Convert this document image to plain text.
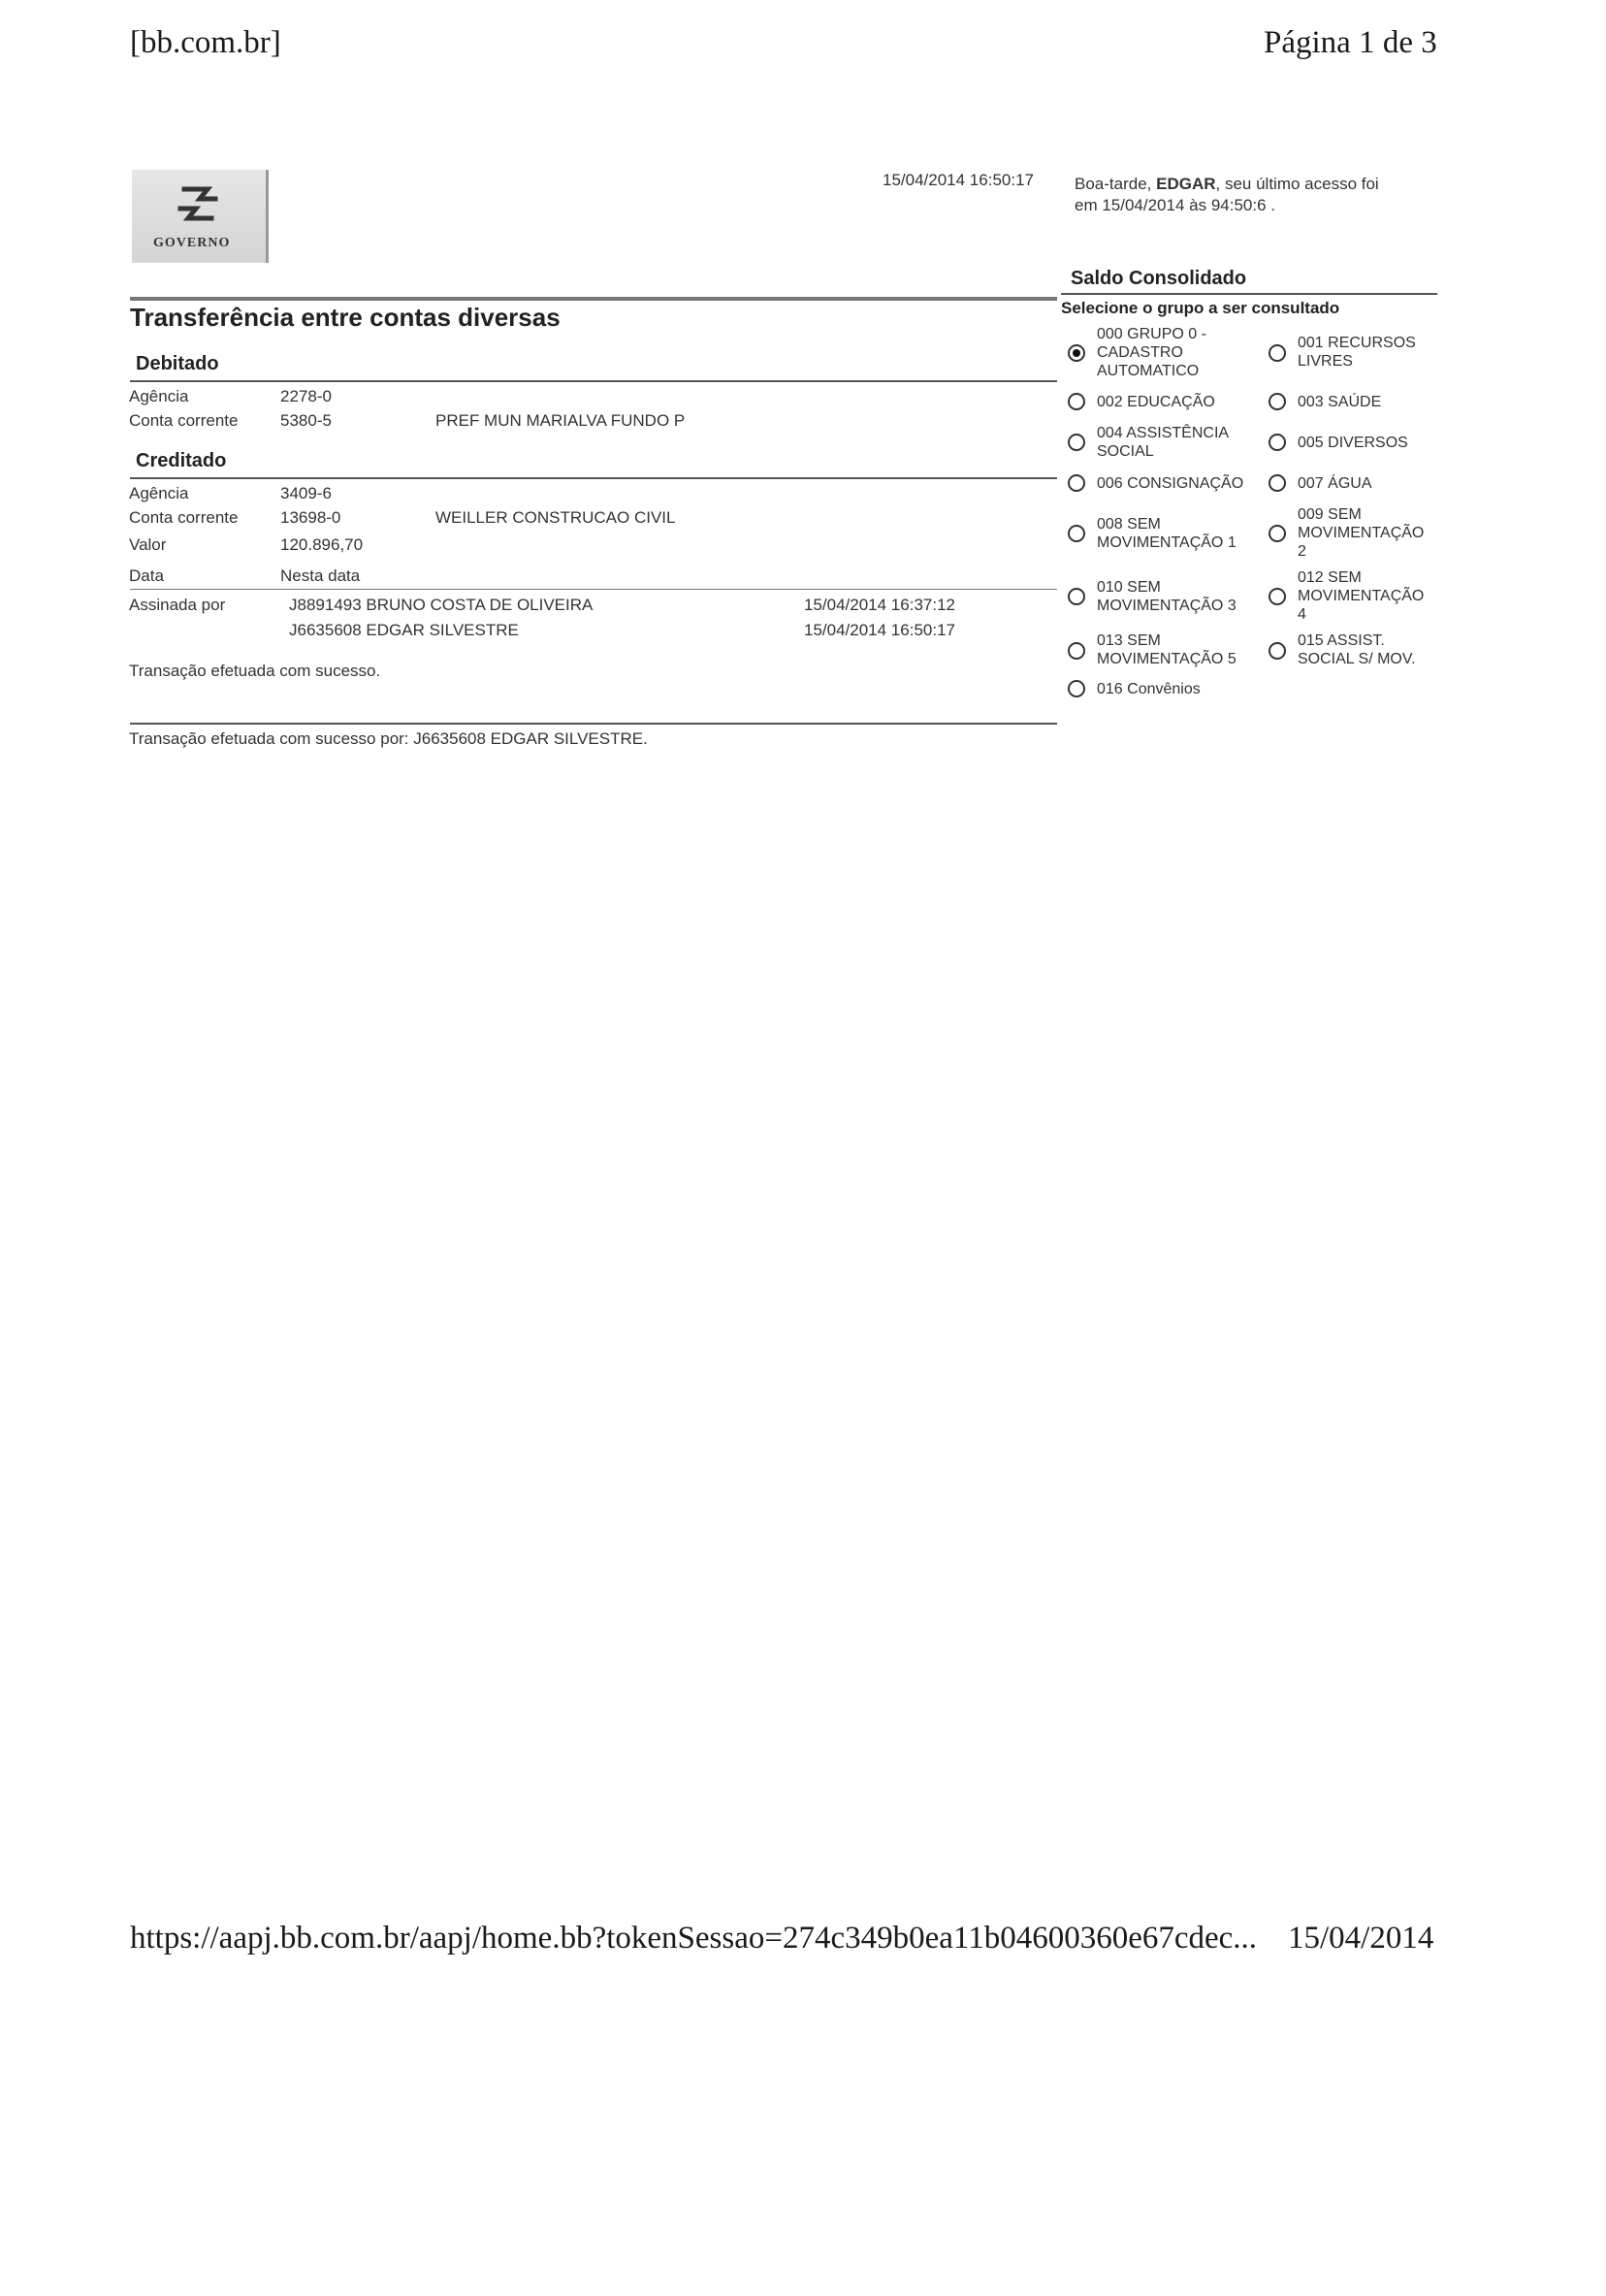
[bb.com.br]	Página 1 de 3
GOVERNO
15/04/2014 16:50:17 Boa-tarde, EDGAR, seu último acesso foi
em 15/04/2014 às 94:50:6 .
Transferência entre contas diversas
Debitado
Agência	2278-0
Conta corrente	5380-5	PREF MUN MARIALVA FUNDO P
Creditado
Agência	3409-6
Conta corrente	13698-0	WEILLER CONSTRUCAO CIVIL
Valor	120.896,70
Data	Nesta data
Assinada por	J8891493 BRUNO COSTA DE OLIVEIRA	15/04/2014 16:37:12
J6635608 EDGAR SILVESTRE	15/04/2014 16:50:17
Transação efetuada com sucesso.
Transação efetuada com sucesso por: J6635608 EDGAR SILVESTRE.
Saldo Consolidado
Selecione o grupo a ser consultado
000 GRUPO 0 -
CADASTRO
AUTOMATICO
001 RECURSOS
LIVRES
002 EDUCAÇÃO	003 SAÚDE
004 ASSISTÊNCIA
SOCIAL
005 DIVERSOS
006 CONSIGNAÇÃO	007 ÁGUA
008 SEM
MOVIMENTAÇÃO 1
009 SEM
MOVIMENTAÇÃO
2
010 SEM
MOVIMENTAÇÃO 3
012 SEM
MOVIMENTAÇÃO
4
013 SEM
MOVIMENTAÇÃO 5
015 ASSIST.
SOCIAL S/ MOV.
016 Convênios
https://aapj.bb.com.br/aapj/home.bb?tokenSessao=274c349b0ea11b04600360e67cdec... 15/04/2014
